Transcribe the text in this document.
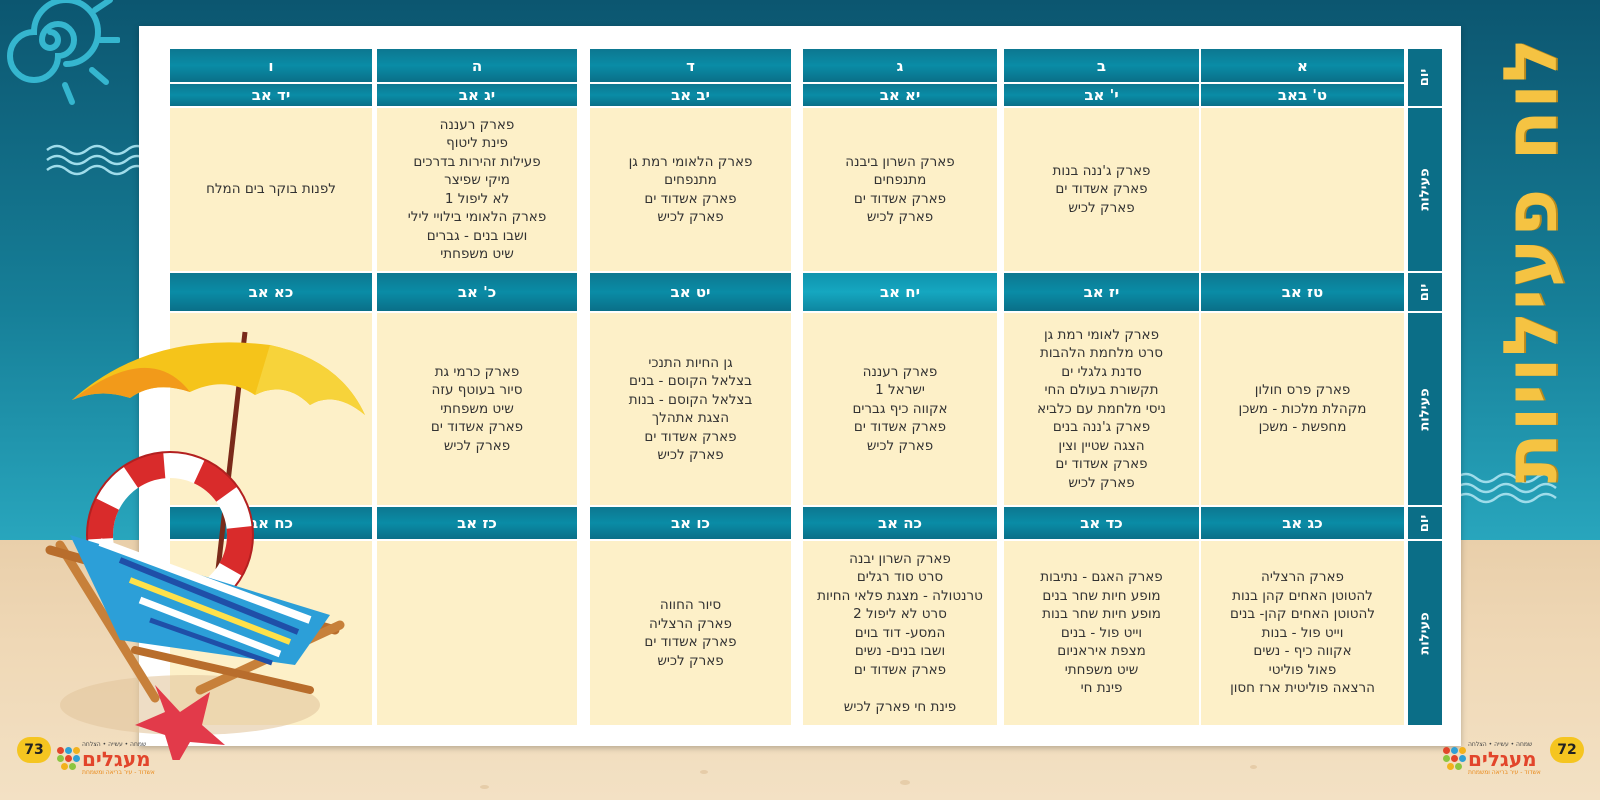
לוח פעילויות
יום
פעילות
יום
פעילות
יום
פעילות
א
ט' באב
טז אב
פארק פרס חולון
מקהלת מלכות - משכן
מחפשת - משכן
כג אב
פארק הרצליה
להטוטן האחים קהן בנות
להטוטן האחים קהן- בנים
וייט פול - בנות
אקווה כיף - נשים
פאול פוליטי
הרצאה פוליטית ארז חסון
ב
י' אב
פארק ג'ננה בנות
פארק אשדוד ים
פארק לכיש
יז אב
פארק לאומי רמת גן
סרט מלחמת הלהבות
סדנת גלגלי ים
תקשורת בעולם החי
ניסי מלחמת עם כלביא
פארק ג'ננה בנים
הצגה שטיין וצין
פארק אשדוד ים
פארק לכיש
כד אב
פארק האגם - נתיבות
מופע חיות שחר בנים
מופע חיות שחר בנות
וייט פול - בנים
מצפת איראניום
שיט משפחתי
פינת חי
ג
יא אב
פארק השרון ביבנה
מתנפחים
פארק אשדוד ים
פארק לכיש
יח אב
פארק רעננה
ישראל 1
אקווה כיף גברים
פארק אשדוד ים
פארק לכיש
כה אב
פארק השרון יבנה
סרט סוד רגלים
טרנטולה - מצגת פלאי החיות
סרט לא ליפול 2
המסע- דוד בוים
ושבו בנים- נשים
פארק אשדוד ים
פינת חי פארק לכיש
ד
יב אב
פארק הלאומי רמת גן
מתנפחים
פארק אשדוד ים
פארק לכיש
יט אב
גן החיות התנכי
בצלאל הקוסם - בנים
בצלאל הקוסם - בנות
הצגת אתהלך
פארק אשדוד ים
פארק לכיש
כו אב
סיור החווה
פארק הרצליה
פארק אשדוד ים
פארק לכיש
ה
יג אב
פארק רעננה
פינת ליטוף
פעילות זהירות בדרכים
מיקי שפיצר
לא ליפול 1
פארק הלאומי בילויי לילי
ושבו בנים - גברים
שיט משפחתי
כ' אב
פארק כרמי גת
סיור בעוטף עזה
שיט משפחתי
פארק אשדוד ים
פארק לכיש
כז אב
ו
יד אב
לפנות בוקר בים המלח
כא אב
כח אב
73	72
שמחה • עשייה • הצלחה
מעגלים
אשדוד - עיר בריאה ומשמחת
שמחה • עשייה • הצלחה
מעגלים
אשדוד - עיר בריאה ומשמחת
